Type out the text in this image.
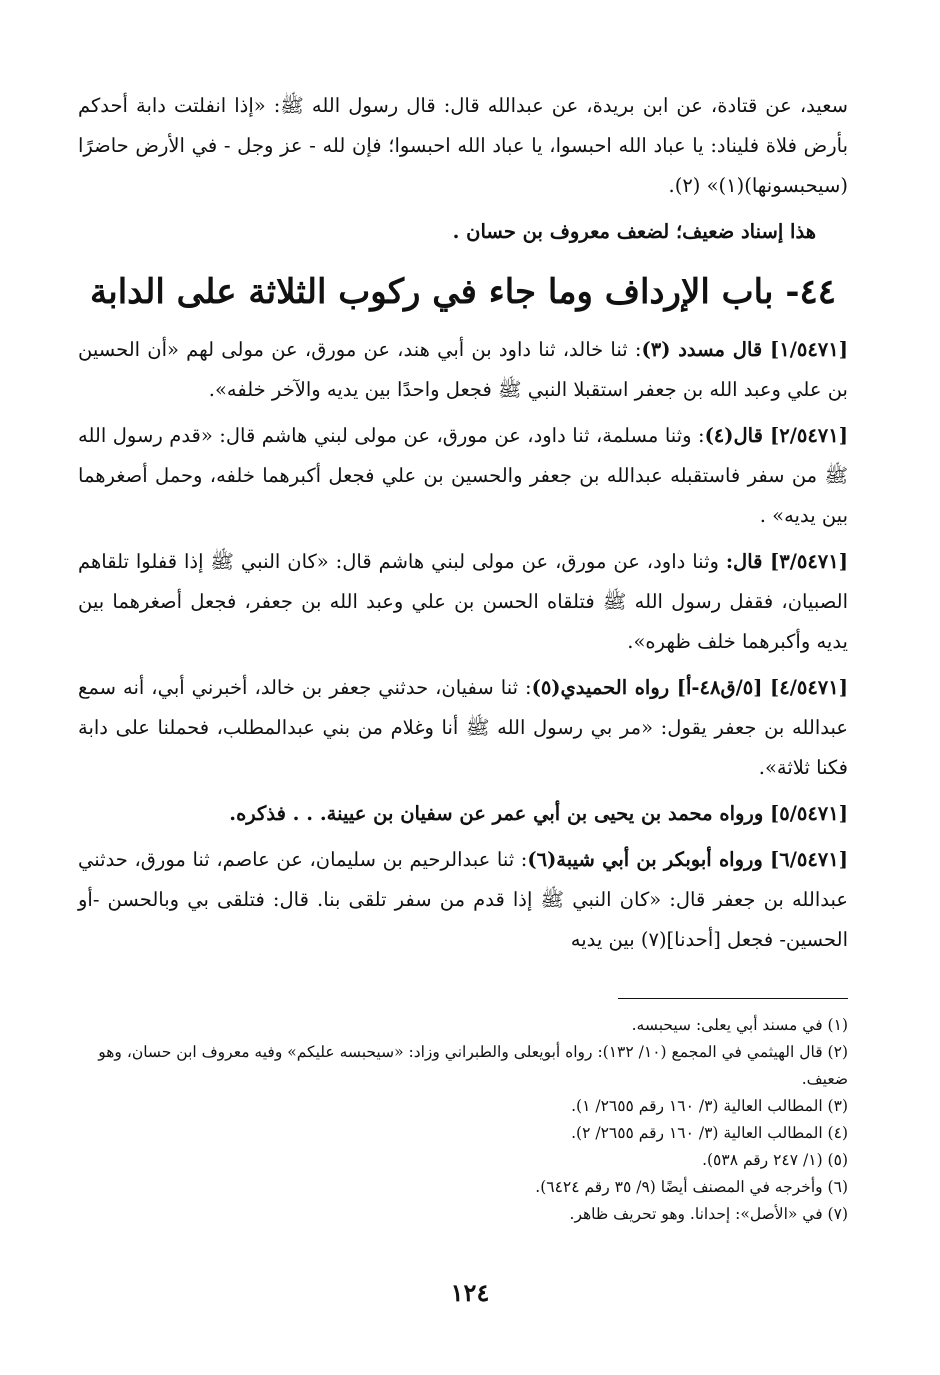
سعيد، عن قتادة، عن ابن بريدة، عن عبدالله قال: قال رسول الله ﷺ: «إذا انفلتت دابة أحدكم بأرض فلاة فليناد: يا عباد الله احبسوا، يا عباد الله احبسوا؛ فإن لله - عز وجل - في الأرض حاضرًا (سيحبسونها)(١)» (٢).

هذا إسناد ضعيف؛ لضعف معروف بن حسان .

٤٤- باب الإرداف وما جاء في ركوب الثلاثة على الدابة

[١/٥٤٧١] قال مسدد (٣): ثنا خالد، ثنا داود بن أبي هند، عن مورق، عن مولى لهم «أن الحسين بن علي وعبد الله بن جعفر استقبلا النبي ﷺ فجعل واحدًا بين يديه والآخر خلفه».

[٢/٥٤٧١] قال(٤): وثنا مسلمة، ثنا داود، عن مورق، عن مولى لبني هاشم قال: «قدم رسول الله ﷺ من سفر فاستقبله عبدالله بن جعفر والحسين بن علي فجعل أكبرهما خلفه، وحمل أصغرهما بين يديه» .

[٣/٥٤٧١] قال: وثنا داود، عن مورق، عن مولى لبني هاشم قال: «كان النبي ﷺ إذا قفلوا تلقاهم الصبيان، فقفل رسول الله ﷺ فتلقاه الحسن بن علي وعبد الله بن جعفر، فجعل أصغرهما بين يديه وأكبرهما خلف ظهره».

[٤/٥٤٧١] [٥/ق٤٨-أ] رواه الحميدي(٥): ثنا سفيان، حدثني جعفر بن خالد، أخبرني أبي، أنه سمع عبدالله بن جعفر يقول: «مر بي رسول الله ﷺ أنا وغلام من بني عبدالمطلب، فحملنا على دابة فكنا ثلاثة».

[٥/٥٤٧١] ورواه محمد بن يحيى بن أبي عمر عن سفيان بن عيينة. . . فذكره.

[٦/٥٤٧١] ورواه أبوبكر بن أبي شيبة(٦): ثنا عبدالرحيم بن سليمان، عن عاصم، ثنا مورق، حدثني عبدالله بن جعفر قال: «كان النبي ﷺ إذا قدم من سفر تلقى بنا. قال: فتلقى بي وبالحسن -أو الحسين- فجعل [أحدنا](٧) بين يديه

(١) في مسند أبي يعلى: سيحبسه.

(٢) قال الهيثمي في المجمع (١٠/ ١٣٢): رواه أبويعلى والطبراني وزاد: «سيحبسه عليكم» وفيه معروف ابن حسان، وهو ضعيف.

(٣) المطالب العالية (٣/ ١٦٠ رقم ٢٦٥٥/ ١).

(٤) المطالب العالية (٣/ ١٦٠ رقم ٢٦٥٥/ ٢).

(٥) (١/ ٢٤٧ رقم ٥٣٨).

(٦) وأخرجه في المصنف أيضًا (٩/ ٣٥ رقم ٦٤٢٤).

(٧) في «الأصل»: إحدانا. وهو تحريف ظاهر.

١٢٤
